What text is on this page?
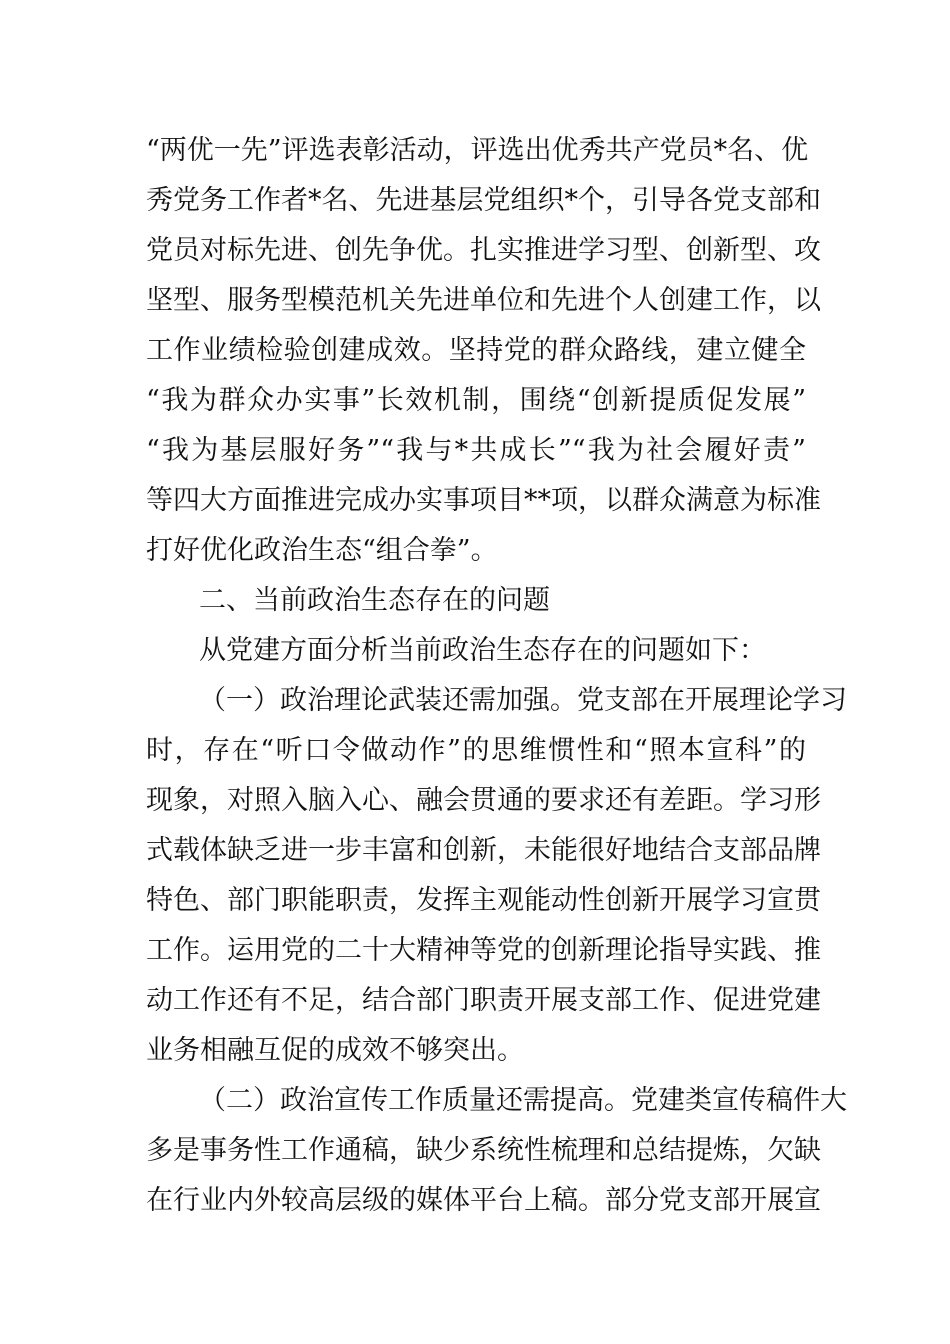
“两优一先”评选表彰活动，评选出优秀共产党员*名、优
秀党务工作者*名、先进基层党组织*个，引导各党支部和
党员对标先进、创先争优。扎实推进学习型、创新型、攻
坚型、服务型模范机关先进单位和先进个人创建工作，以
工作业绩检验创建成效。坚持党的群众路线，建立健全
“我为群众办实事”长效机制，围绕“创新提质促发展”
“我为基层服好务”“我与*共成长”“我为社会履好责”
等四大方面推进完成办实事项目**项，以群众满意为标准
打好优化政治生态“组合拳”。
二、当前政治生态存在的问题
从党建方面分析当前政治生态存在的问题如下：
（一）政治理论武装还需加强。党支部在开展理论学习
时，存在“听口令做动作”的思维惯性和“照本宣科”的
现象，对照入脑入心、融会贯通的要求还有差距。学习形
式载体缺乏进一步丰富和创新，未能很好地结合支部品牌
特色、部门职能职责，发挥主观能动性创新开展学习宣贯
工作。运用党的二十大精神等党的创新理论指导实践、推
动工作还有不足，结合部门职责开展支部工作、促进党建
业务相融互促的成效不够突出。
（二）政治宣传工作质量还需提高。党建类宣传稿件大
多是事务性工作通稿，缺少系统性梳理和总结提炼，欠缺
在行业内外较高层级的媒体平台上稿。部分党支部开展宣
